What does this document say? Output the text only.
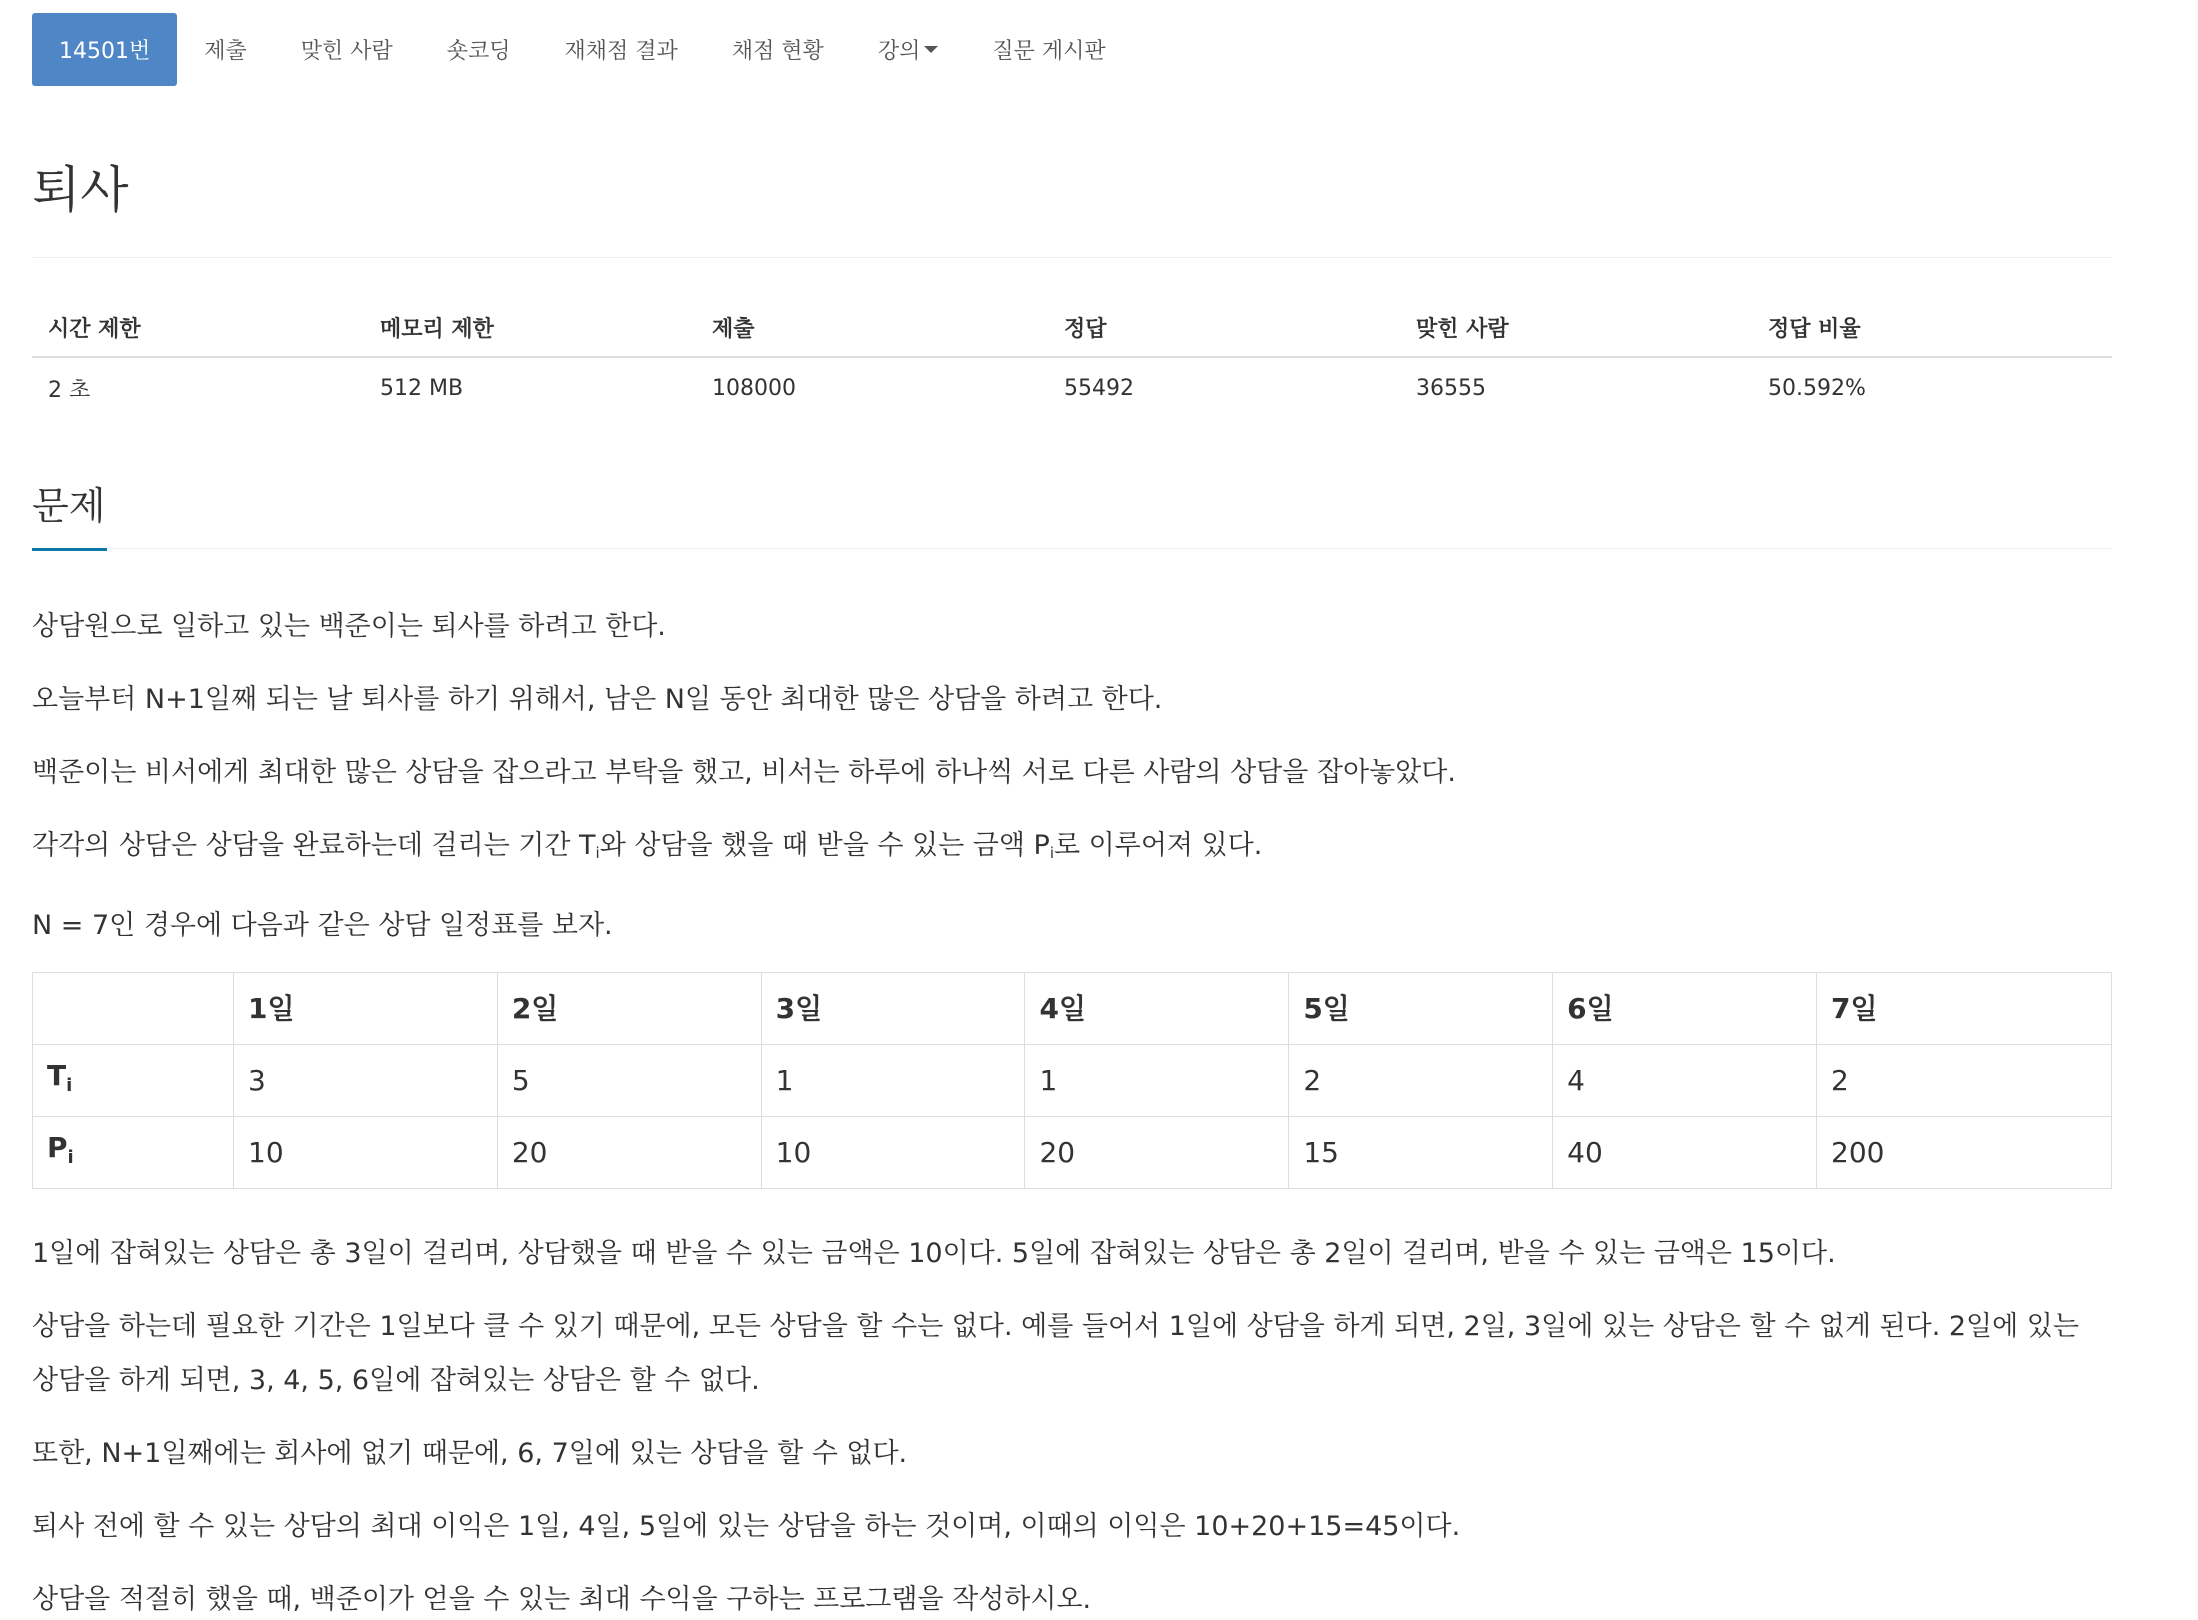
14501번	제출	맞힌 사람	숏코딩	재채점 결과	채점 현황	강의	질문 게시판
퇴사
시간 제한	메모리 제한	제출	정답	맞힌 사람	정답 비율
2 초	512 MB	108000	55492	36555	50.592%
문제

상담원으로 일하고 있는 백준이는 퇴사를 하려고 한다.

오늘부터 N+1일째 되는 날 퇴사를 하기 위해서, 남은 N일 동안 최대한 많은 상담을 하려고 한다.

백준이는 비서에게 최대한 많은 상담을 잡으라고 부탁을 했고, 비서는 하루에 하나씩 서로 다른 사람의 상담을 잡아놓았다.

각각의 상담은 상담을 완료하는데 걸리는 기간 $T_i$와 상담을 했을 때 받을 수 있는 금액 $P_i$로 이루어져 있다.

N = 7인 경우에 다음과 같은 상담 일정표를 보자.

	1일	2일	3일	4일	5일	6일	7일
$T_i$	3	5	1	1	2	4	2
$P_i$	10	20	10	20	15	40	200

1일에 잡혀있는 상담은 총 3일이 걸리며, 상담했을 때 받을 수 있는 금액은 10이다. 5일에 잡혀있는 상담은 총 2일이 걸리며, 받을 수 있는 금액은 15이다.

상담을 하는데 필요한 기간은 1일보다 클 수 있기 때문에, 모든 상담을 할 수는 없다. 예를 들어서 1일에 상담을 하게 되면, 2일, 3일에 있는 상담은 할 수 없게 된다. 2일에 있는 상담을 하게 되면, 3, 4, 5, 6일에 잡혀있는 상담은 할 수 없다.

또한, N+1일째에는 회사에 없기 때문에, 6, 7일에 있는 상담을 할 수 없다.

퇴사 전에 할 수 있는 상담의 최대 이익은 1일, 4일, 5일에 있는 상담을 하는 것이며, 이때의 이익은 10+20+15=45이다.

상담을 적절히 했을 때, 백준이가 얻을 수 있는 최대 수익을 구하는 프로그램을 작성하시오.
